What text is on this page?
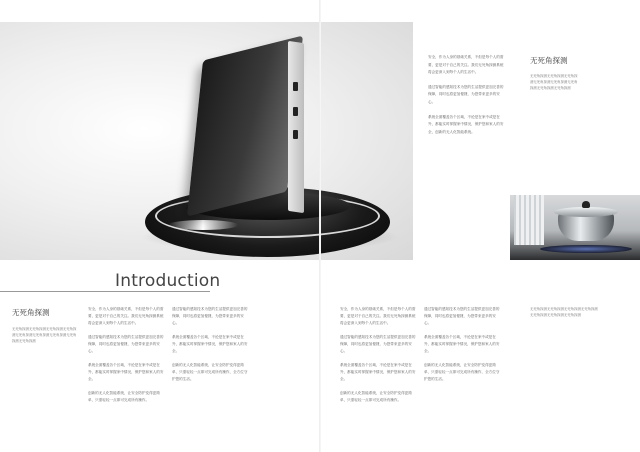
安全，作为人身的基础关系，不但是每个人的需要，更是对于自己的关注。我们无死角探测系统将会更深入到每个人的生活中。

通过智能的感知技术为您的生活提供更加完善的保障，同时也将更加便捷，为您带来更多的安心。

系统全面覆盖各个区域，不论是在家中或是在外，都能实时掌握家中情况，保护您和家人的安全，创新的无人化智能系统。

无死角探测
无死角探测无死角探测无死角探测无死角探测无死角探测无死角探测无死角探测无死角探测
Introduction
无死角探测
无死角探测无死角探测无死角探测无死角探测无死角探测无死角探测无死角探测无死角探测无死角探测

安全，作为人身的基础关系，不但是每个人的需要，更是对于自己的关注。我们无死角探测系统将会更深入到每个人的生活中。

通过智能的感知技术为您的生活提供更加完善的保障，同时也将更加便捷，为您带来更多的安心。

系统全面覆盖各个区域，不论是在家中或是在外，都能实时掌握家中情况，保护您和家人的安全。

创新的无人化智能系统，让安全防护变得更简单，只需轻轻一点即可完成所有操作。

通过智能的感知技术为您的生活提供更加完善的保障，同时也将更加便捷，为您带来更多的安心。

系统全面覆盖各个区域，不论是在家中或是在外，都能实时掌握家中情况，保护您和家人的安全。

创新的无人化智能系统，让安全防护变得更简单，只需轻轻一点即可完成所有操作，全方位守护您的生活。

安全，作为人身的基础关系，不但是每个人的需要，更是对于自己的关注。我们无死角探测系统将会更深入到每个人的生活中。

通过智能的感知技术为您的生活提供更加完善的保障，同时也将更加便捷，为您带来更多的安心。

系统全面覆盖各个区域，不论是在家中或是在外，都能实时掌握家中情况，保护您和家人的安全。

创新的无人化智能系统，让安全防护变得更简单，只需轻轻一点即可完成所有操作。

通过智能的感知技术为您的生活提供更加完善的保障，同时也将更加便捷，为您带来更多的安心。

系统全面覆盖各个区域，不论是在家中或是在外，都能实时掌握家中情况，保护您和家人的安全。

创新的无人化智能系统，让安全防护变得更简单，只需轻轻一点即可完成所有操作，全方位守护您的生活。

无死角探测无死角探测无死角探测无死角探测无死角探测无死角探测无死角探测
